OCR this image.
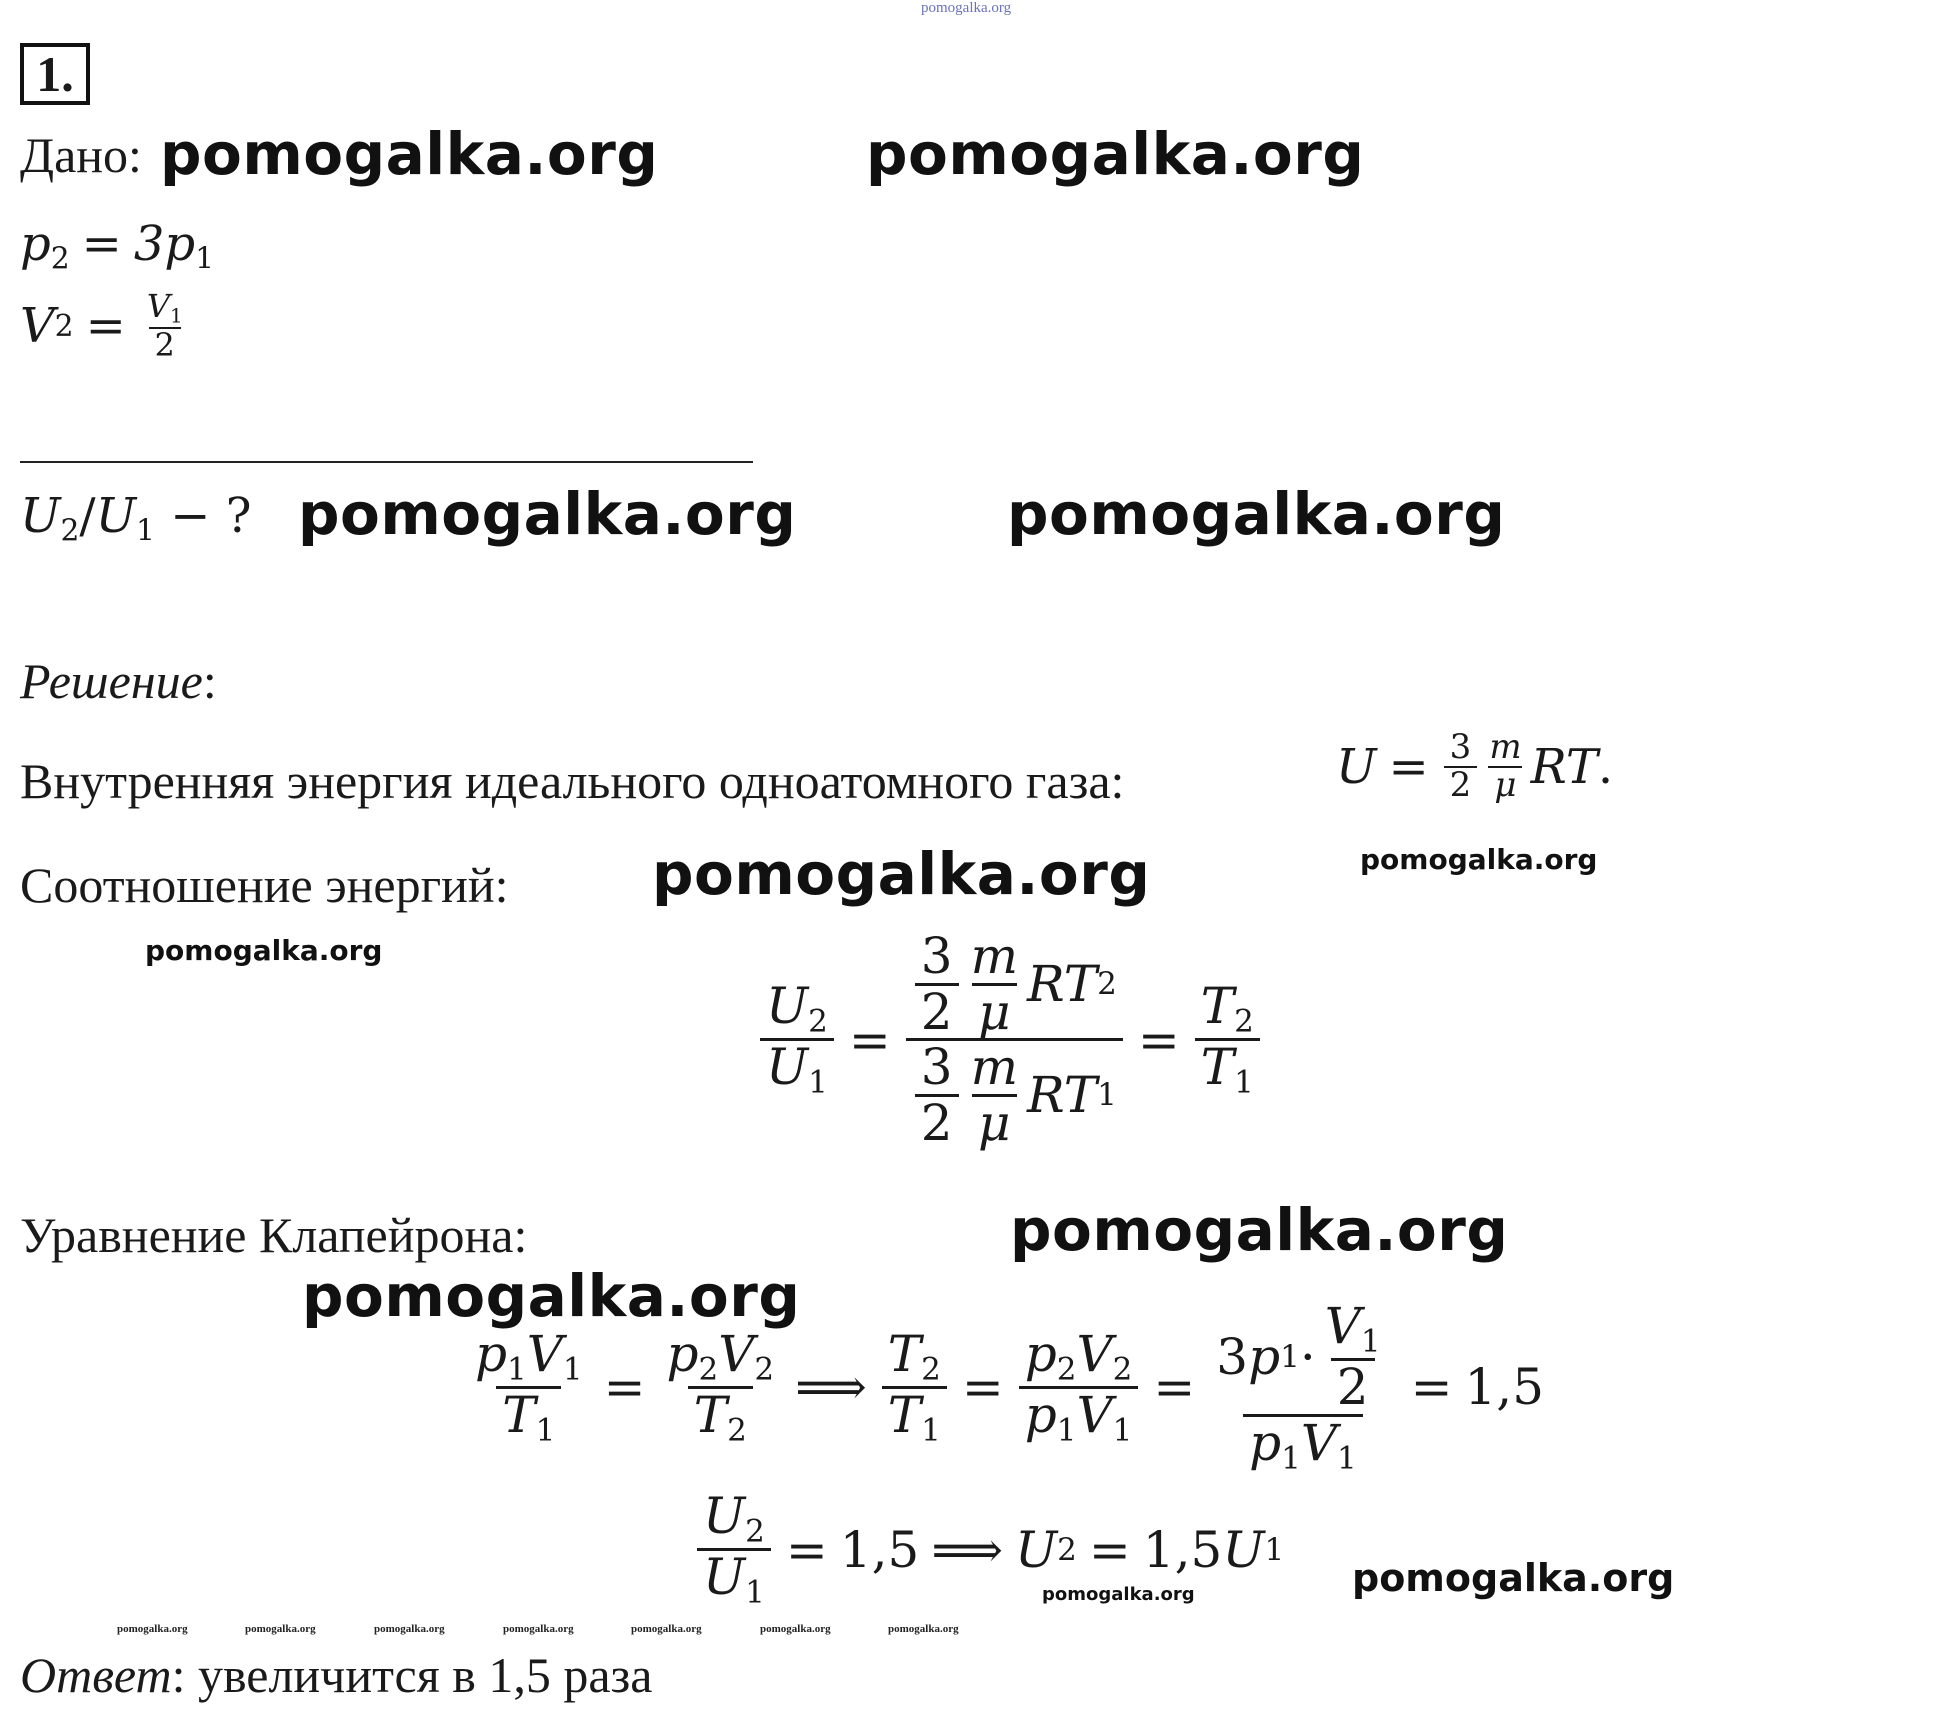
pomogalka.org
1.
Дано:
$p_2 = 3p_1$
V $2 = \frac{V_1}{2}$
$U_2/U_1$ − ?
Решение:
Внутренняя энергия идеального одноатомного газа:	$U = \frac{3}{2} \frac{m}{\mu}$ RT .
Соотношение энергий:
$\frac{U_2}{U_1} = \frac{\frac{3}{2} \frac{m}{\mu} RT 2}{\frac{3}{2} \frac{m}{\mu} RT 1} = \frac{T_2}{T_1}$
Уравнение Клапейрона:
$\frac{p_1V_1}{T_1} = \frac{p_2V_2}{T_2}$ ⟹ $\frac{T_2}{T_1} = \frac{p_2V_2}{p_1V_1} = \frac{3 p 1 \cdot \frac{V_1}{2}}{p_1V_1} = 1,5$
$\frac{U_2}{U_1} = 1,5$ ⟹ U 2 = 1,5 U 1
Ответ: увеличится в 1,5 раза
pomogalka.org	pomogalka.org
pomogalka.org	pomogalka.org
pomogalka.org
pomogalka.org
pomogalka.org
pomogalka.org
pomogalka.org
pomogalka.org
pomogalka.org
pomogalka.org	pomogalka.org	pomogalka.org	pomogalka.org	pomogalka.org	pomogalka.org	pomogalka.org
